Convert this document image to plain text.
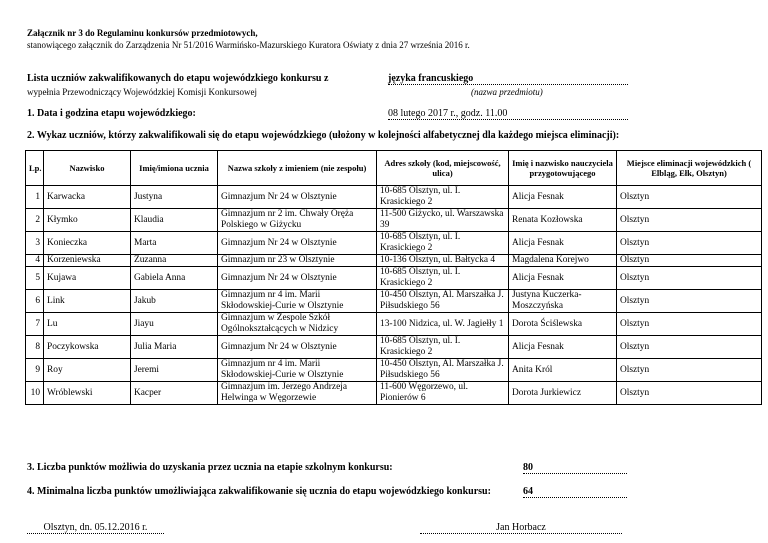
Załącznik nr 3 do Regulaminu konkursów przedmiotowych,
stanowiącego załącznik do Zarządzenia Nr 51/2016 Warmińsko-Mazurskiego Kuratora Oświaty z dnia 27 września 2016 r.
Lista uczniów zakwalifikowanych do etapu wojewódzkiego konkursu z	języka francuskiego
wypełnia Przewodniczący Wojewódzkiej Komisji Konkursowej	(nazwa przedmiotu)
1. Data i godzina etapu wojewódzkiego:	08 lutego 2017 r., godz. 11.00
2. Wykaz uczniów, którzy zakwalifikowali się do etapu wojewódzkiego (ułożony w kolejności alfabetycznej dla każdego miejsca eliminacji):
Lp.	Nazwisko	Imię/imiona ucznia	Nazwa szkoły z imieniem (nie zespołu)	Adres szkoły (kod, miejscowość, ulica)	Imię i nazwisko nauczyciela przygotowującego	Miejsce eliminacji wojewódzkich ( Elbląg, Ełk, Olsztyn)
1	Karwacka	Justyna	Gimnazjum Nr 24 w Olsztynie	10-685 Olsztyn, ul. I. Krasickiego 2	Alicja Fesnak	Olsztyn
2	Kłymko	Klaudia	Gimnazjum nr 2 im. Chwały Oręża Polskiego w Giżycku	11-500 Giżycko, ul. Warszawska 39	Renata Kozłowska	Olsztyn
3	Konieczka	Marta	Gimnazjum Nr 24 w Olsztynie	10-685 Olsztyn, ul. I. Krasickiego 2	Alicja Fesnak	Olsztyn
4	Korzeniewska	Zuzanna	Gimnazjum nr 23 w Olsztynie	10-136 Olsztyn, ul. Bałtycka 4	Magdalena Korejwo	Olsztyn
5	Kujawa	Gabiela Anna	Gimnazjum Nr 24 w Olsztynie	10-685 Olsztyn, ul. I. Krasickiego 2	Alicja Fesnak	Olsztyn
6	Link	Jakub	Gimnazjum nr 4 im. Marii Skłodowskiej-Curie w Olsztynie	10-450 Olsztyn, Al. Marszałka J. Piłsudskiego 56	Justyna Kuczerka-Moszczyńska	Olsztyn
7	Lu	Jiayu	Gimnazjum w Zespole Szkół Ogólnokształcących w Nidzicy	13-100 Nidzica, ul. W. Jagiełły 1	Dorota Ściślewska	Olsztyn
8	Poczykowska	Julia Maria	Gimnazjum Nr 24 w Olsztynie	10-685 Olsztyn, ul. I. Krasickiego 2	Alicja Fesnak	Olsztyn
9	Roy	Jeremi	Gimnazjum nr 4 im. Marii Skłodowskiej-Curie w Olsztynie	10-450 Olsztyn, Al. Marszałka J. Piłsudskiego 56	Anita Król	Olsztyn
10	Wróblewski	Kacper	Gimnazjum im. Jerzego Andrzeja Helwinga w Węgorzewie	11-600 Węgorzewo, ul. Pionierów 6	Dorota Jurkiewicz	Olsztyn
3. Liczba punktów możliwia do uzyskania przez ucznia na etapie szkolnym konkursu:	80
4. Minimalna liczba punktów umożliwiająca zakwalifikowanie się ucznia do etapu wojewódzkiego konkursu:	64
Olsztyn, dn. 05.12.2016 r.	Jan Horbacz
